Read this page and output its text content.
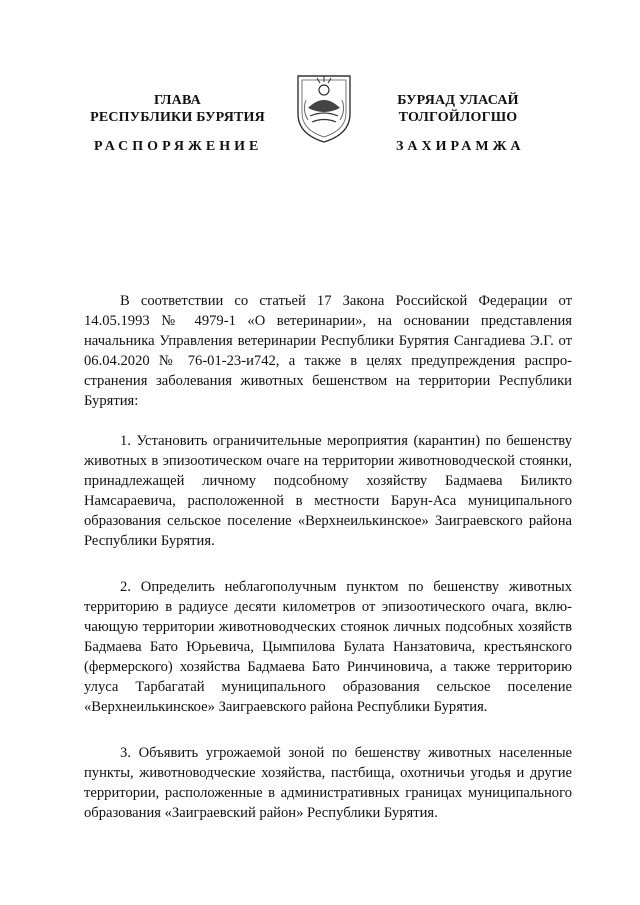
ГЛАВА
РЕСПУБЛИКИ БУРЯТИЯ
БУРЯАД УЛАСАЙ
ТОЛГОЙЛОГШО
РАСПОРЯЖЕНИЕ	ЗАХИРАМЖА

В соответствии со статьей 17 Закона Российской Федерации от 14.05.1993 № 4979-1 «О ветеринарии», на основании представления начальника Управления ветеринарии Республики Бурятия Сангадиева Э.Г. от 06.04.2020 № 76-01-23-и742, а также в целях предупреждения распространения заболевания животных бешенством на территории Республики Бурятия:

1. Установить ограничительные мероприятия (карантин) по бешенству животных в эпизоотическом очаге на территории животноводческой стоянки, принадлежащей личному подсобному хозяйству Бадмаева Биликто Намсараевича, расположенной в местности Барун-Аса муниципального образования сельское поселение «Верхнеилькинское» Заиграевского района Республики Бурятия.

2. Определить неблагополучным пунктом по бешенству животных территорию в радиусе десяти километров от эпизоотического очага, включающую территории животноводческих стоянок личных подсобных хозяйств Бадмаева Бато Юрьевича, Цымпилова Булата Нанзатовича, крестьянского (фермерского) хозяйства Бадмаева Бато Ринчиновича, а также территорию улуса Тарбагатай муниципального образования сельское поселение «Верхнеилькинское» Заиграевского района Республики Бурятия.

3. Объявить угрожаемой зоной по бешенству животных населенные пункты, животноводческие хозяйства, пастбища, охотничьи угодья и другие территории, расположенные в административных границах муниципального образования «Заиграевский район» Республики Бурятия.
